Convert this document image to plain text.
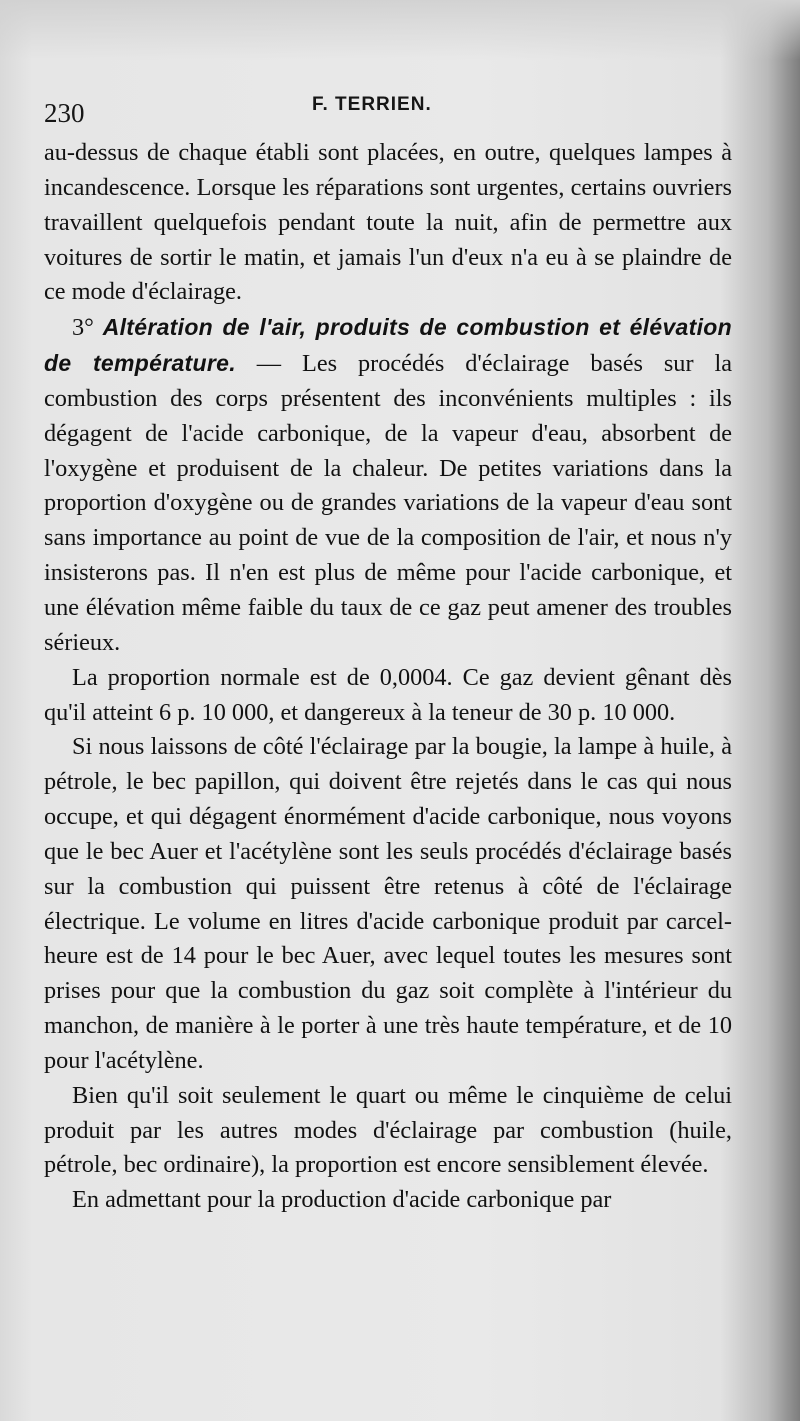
230	F. TERRIEN.

au-dessus de chaque établi sont placées, en outre, quelques lampes à incandescence. Lorsque les réparations sont urgentes, certains ouvriers travaillent quelquefois pendant toute la nuit, afin de permettre aux voitures de sortir le matin, et jamais l'un d'eux n'a eu à se plaindre de ce mode d'éclairage.

3° Altération de l'air, produits de combustion et élévation de température. — Les procédés d'éclairage basés sur la combustion des corps présentent des inconvénients multiples : ils dégagent de l'acide carbonique, de la vapeur d'eau, absorbent de l'oxygène et produisent de la chaleur. De petites variations dans la proportion d'oxygène ou de grandes variations de la vapeur d'eau sont sans importance au point de vue de la composition de l'air, et nous n'y insisterons pas. Il n'en est plus de même pour l'acide carbonique, et une élévation même faible du taux de ce gaz peut amener des troubles sérieux.

La proportion normale est de 0,0004. Ce gaz devient gênant dès qu'il atteint 6 p. 10 000, et dangereux à la teneur de 30 p. 10 000.

Si nous laissons de côté l'éclairage par la bougie, la lampe à huile, à pétrole, le bec papillon, qui doivent être rejetés dans le cas qui nous occupe, et qui dégagent énormément d'acide carbonique, nous voyons que le bec Auer et l'acétylène sont les seuls procédés d'éclairage basés sur la combustion qui puissent être retenus à côté de l'éclairage électrique. Le volume en litres d'acide carbonique produit par carcel-heure est de 14 pour le bec Auer, avec lequel toutes les mesures sont prises pour que la combustion du gaz soit complète à l'intérieur du manchon, de manière à le porter à une très haute température, et de 10 pour l'acétylène.

Bien qu'il soit seulement le quart ou même le cinquième de celui produit par les autres modes d'éclairage par combustion (huile, pétrole, bec ordinaire), la proportion est encore sensiblement élevée.

En admettant pour la production d'acide carbonique par
